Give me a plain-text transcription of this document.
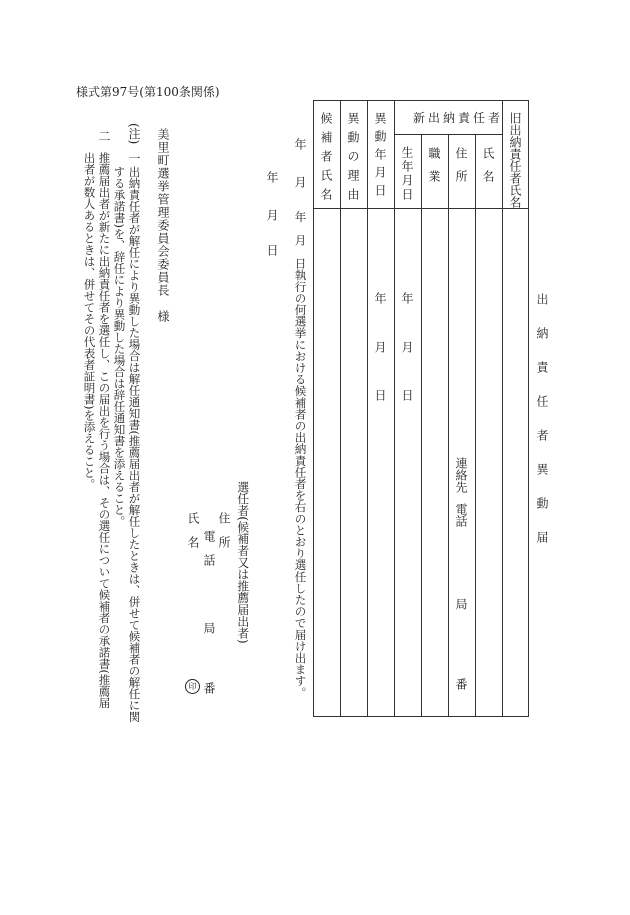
様式第97号(第100条関係)
出納責任者異動届
旧出納責任者氏名
新出納責任者
氏名
住所
職業
生年月日
異動年月日
異動の理由
候補者氏名
年
月
日
年
月
日
連絡先
電話
局
番
年
月
年　月　日執行の何選挙における候補者の出納責任者を右のとおり選任したので届け出ます。
年
月
日
選任者(候補者又は推薦届出者)
住　所
電　話
局
番
氏　名
印
美里町選挙管理委員会委員長　様
(注)
一
出納責任者が解任により異動した場合は解任通知書(推薦届出者が解任したときは、併せて候補者の解任に関
する承諾書)を、辞任により異動した場合は辞任通知書を添えること。
二
推薦届出者が新たに出納責任者を選任し、この届出を行う場合は、その選任について候補者の承諾書(推薦届
出者が数人あるときは、併せてその代表者証明書)を添えること。
